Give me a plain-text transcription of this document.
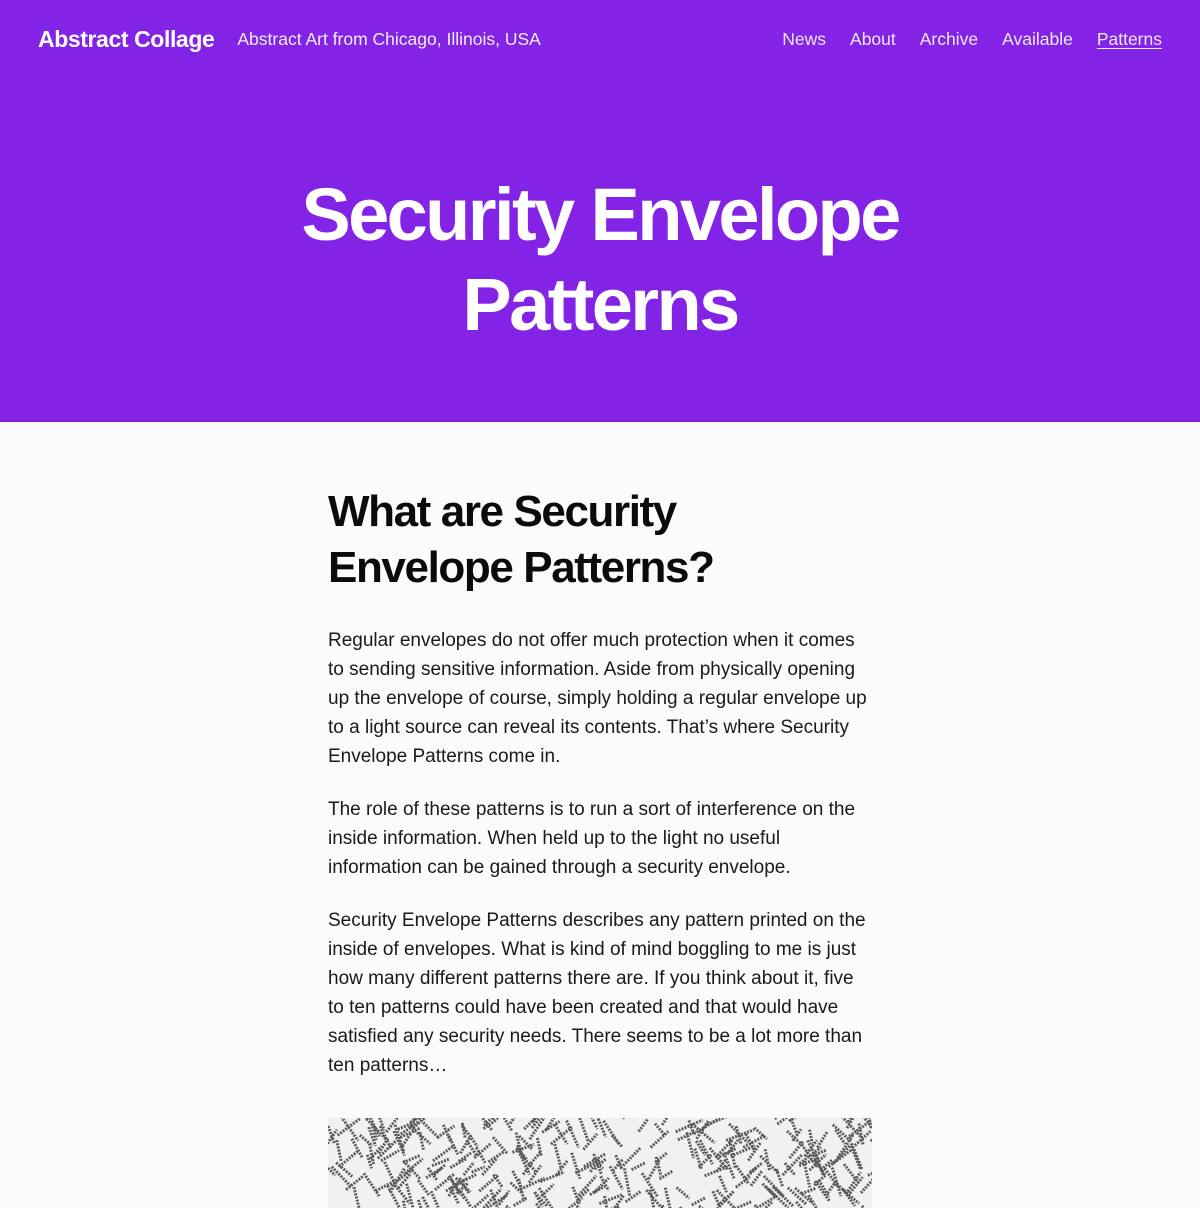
Abstract Collage Abstract Art from Chicago, Illinois, USA	News About Archive Available Patterns
Security Envelope
Patterns
What are Security
Envelope Patterns?

Regular envelopes do not offer much protection when it comes to sending sensitive information. Aside from physically opening up the envelope of course, simply holding a regular envelope up to a light source can reveal its contents. That’s where Security Envelope Patterns come in.

The role of these patterns is to run a sort of interference on the inside information. When held up to the light no useful information can be gained through a security envelope.

Security Envelope Patterns describes any pattern printed on the inside of envelopes. What is kind of mind boggling to me is just how many different patterns there are. If you think about it, five to ten patterns could have been created and that would have satisfied any security needs. There seems to be a lot more than ten patterns…
